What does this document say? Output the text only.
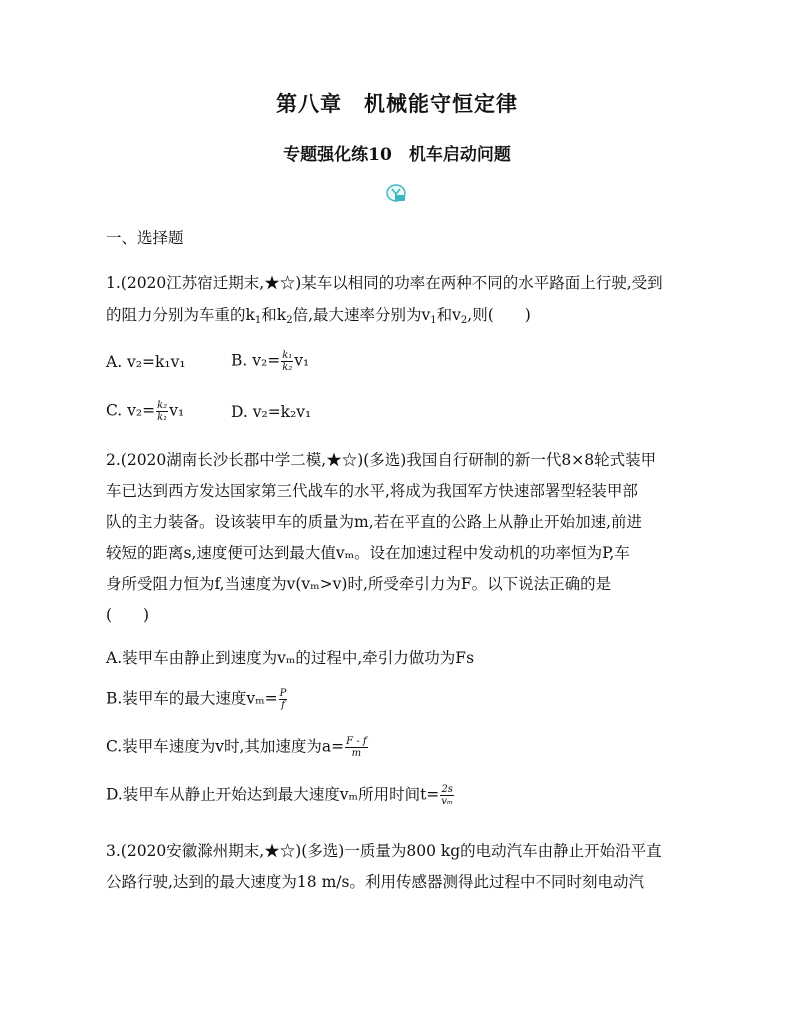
第八章　机械能守恒定律
专题强化练10　机车启动问题
一、选择题
1.(2020江苏宿迁期末,★☆)某车以相同的功率在两种不同的水平路面上行驶,受到
的阻力分别为车重的$k_1$和$k_2$倍,最大速率分别为$v_1$和$v_2$,则(　　)
A. v₂=k₁v₁	B. $v_2= \frac{\text{k₁}}{\text{k₂}} v_1$
C. $v_2= \frac{\text{k₂}}{\text{k₁}} v_1$	D. v₂=k₂v₁
2.(2020湖南长沙长郡中学二模,★☆)(多选)我国自行研制的新一代8×8轮式装甲
车已达到西方发达国家第三代战车的水平,将成为我国军方快速部署型轻装甲部
队的主力装备。设该装甲车的质量为m,若在平直的公路上从静止开始加速,前进
较短的距离s,速度便可达到最大值vₘ。设在加速过程中发动机的功率恒为P,车
身所受阻力恒为f,当速度为v(vₘ>v)时,所受牵引力为F。以下说法正确的是
(　　)
A.装甲车由静止到速度为vₘ的过程中,牵引力做功为Fs
B.装甲车的最大速度$v_m= \frac{P}{f}$
C.装甲车速度为v时,其加速度为$a= \frac{F - f}{m}$
D.装甲车从静止开始达到最大速度vₘ所用时间$t= \frac{2s}{\text{vₘ}}$
3.(2020安徽滁州期末,★☆)(多选)一质量为800 kg的电动汽车由静止开始沿平直
公路行驶,达到的最大速度为18 m/s。利用传感器测得此过程中不同时刻电动汽
